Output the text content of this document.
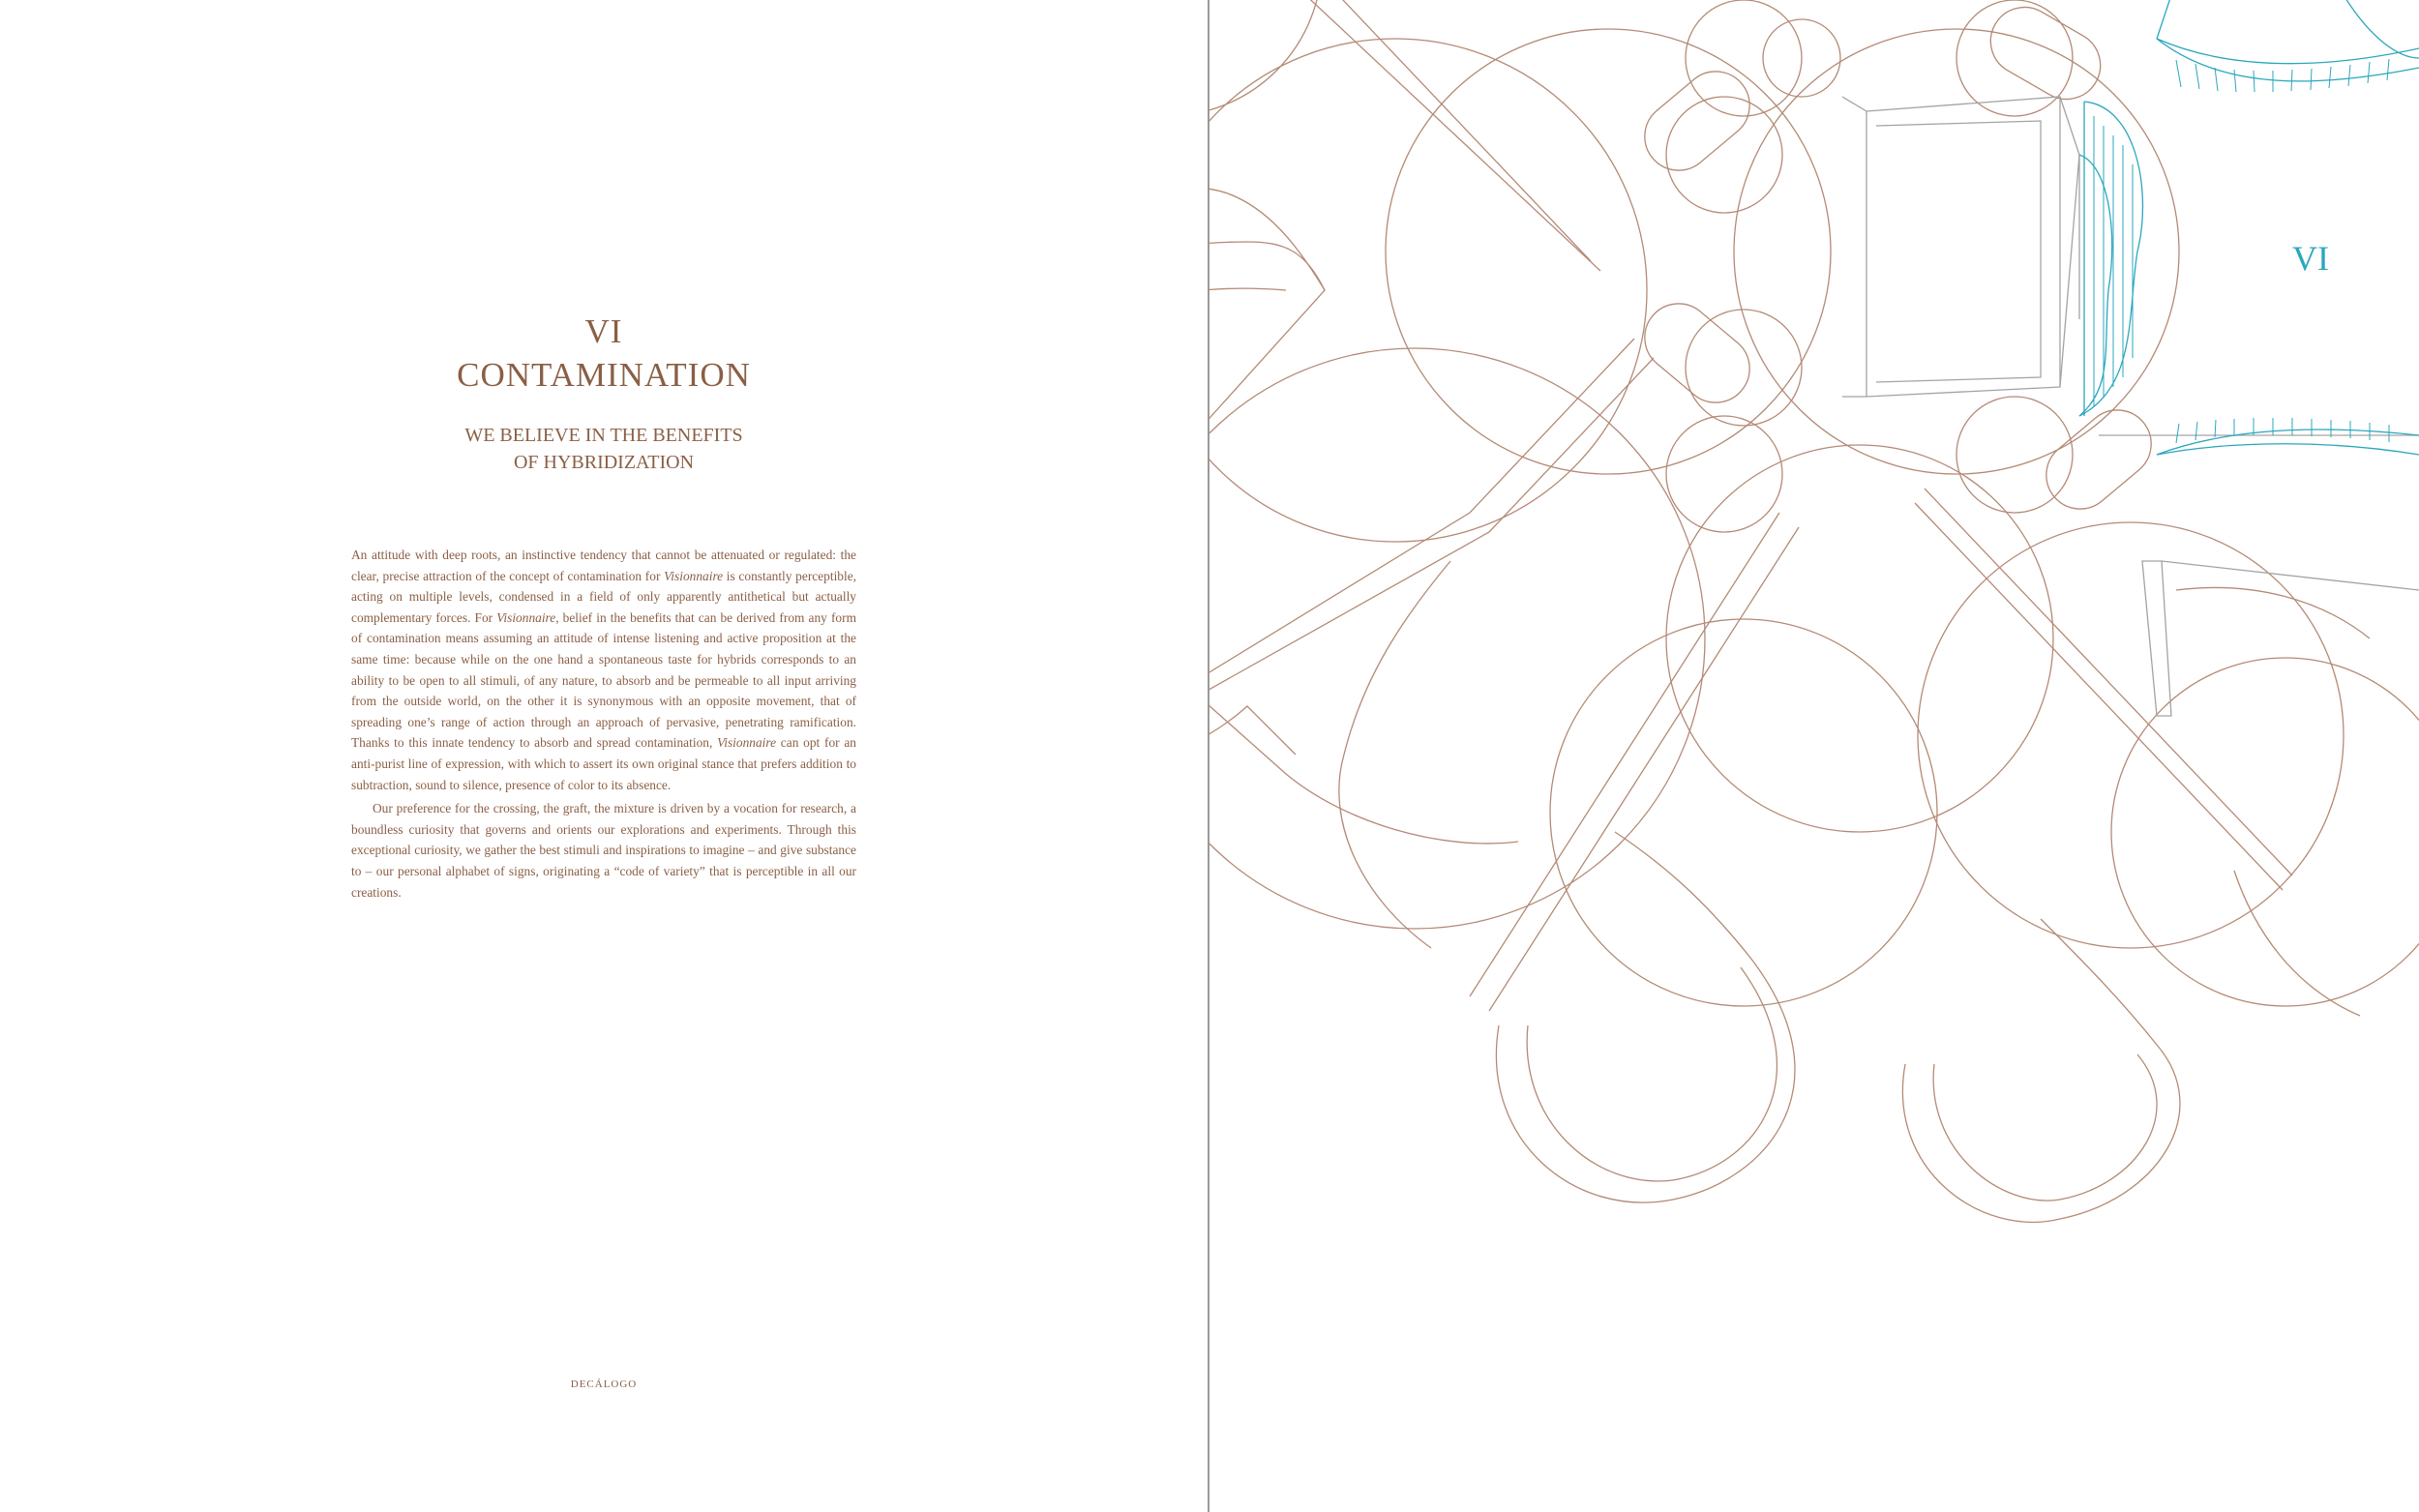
VI
CONTAMINATION
WE BELIEVE IN THE BENEFITS
OF HYBRIDIZATION

An attitude with deep roots, an instinctive tendency that cannot be attenuated or regulated: the clear, precise attraction of the concept of contamination for Visionnaire is constantly perceptible, acting on multiple levels, condensed in a field of only apparently antithetical but actually complementary forces. For Visionnaire, belief in the benefits that can be derived from any form of contamination means assuming an attitude of intense listening and active proposition at the same time: because while on the one hand a spontaneous taste for hybrids corresponds to an ability to be open to all stimuli, of any nature, to absorb and be permeable to all input arriving from the outside world, on the other it is synonymous with an opposite movement, that of spreading one’s range of action through an approach of pervasive, penetrating ramification. Thanks to this innate tendency to absorb and spread contamination, Visionnaire can opt for an anti-purist line of expression, with which to assert its own original stance that prefers addition to subtraction, sound to silence, presence of color to its absence.

Our preference for the crossing, the graft, the mixture is driven by a vocation for research, a boundless curiosity that governs and orients our explorations and experiments. Through this exceptional curiosity, we gather the best stimuli and inspirations to imagine – and give substance to – our personal alphabet of signs, originating a “code of variety” that is perceptible in all our creations.

DECÁLOGO
VI
